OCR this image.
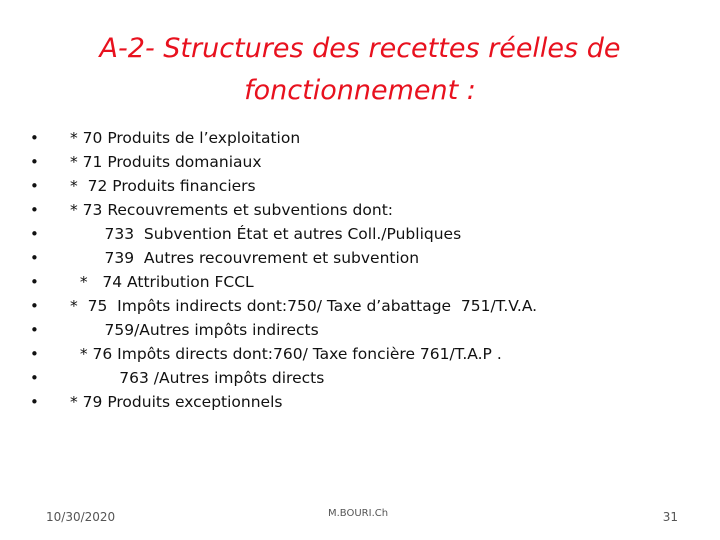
A-2- Structures des recettes réelles de
fonctionnement :
• * 70 Produits de l’exploitation
• * 71 Produits domaniaux
• *  72 Produits financiers
• * 73 Recouvrements et subventions dont:
• 733  Subvention État et autres Coll./Publiques
• 739  Autres recouvrement et subvention
• *   74 Attribution FCCL
• *  75  Impôts indirects dont:750/ Taxe d’abattage  751/T.V.A.
• 759/Autres impôts indirects
• * 76 Impôts directs dont:760/ Taxe foncière 761/T.A.P .
• 763 /Autres impôts directs
• * 79 Produits exceptionnels
10/30/2020	M.BOURI.Ch	31
